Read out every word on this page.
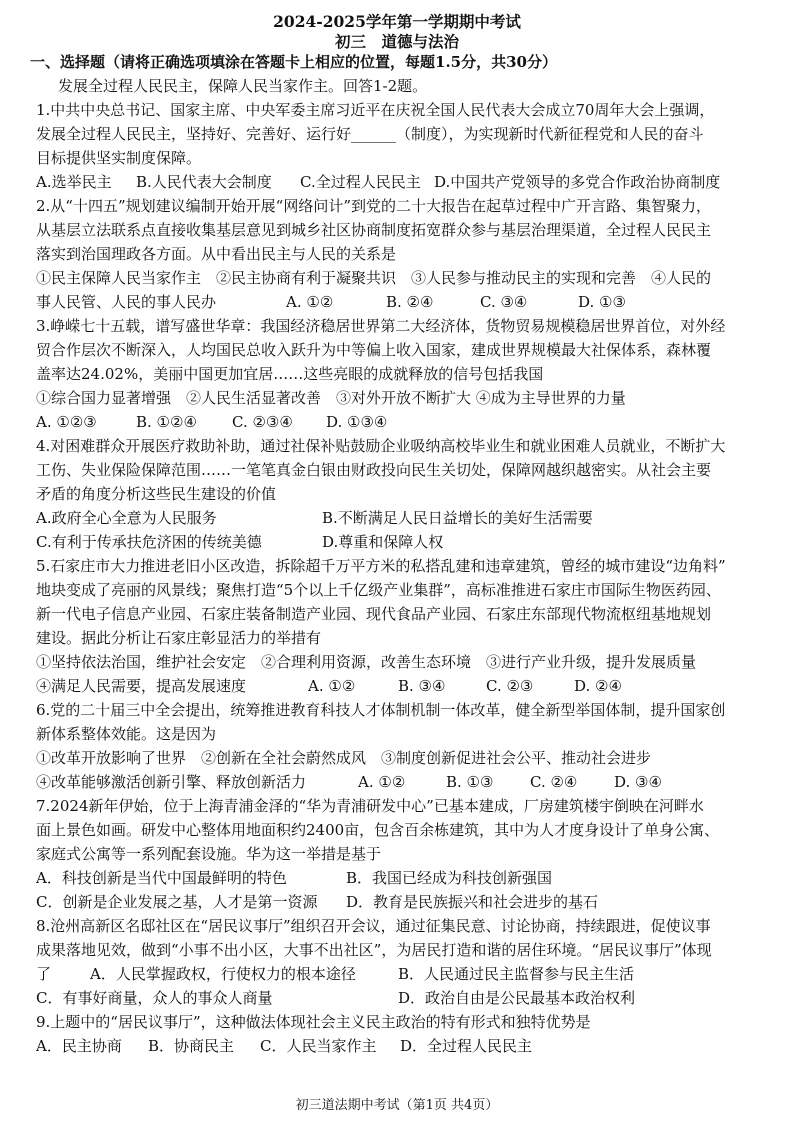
2024-2025学年第一学期期中考试
初三　道德与法治
一、选择题（请将正确选项填涂在答题卡上相应的位置，每题1.5分，共30分）
发展全过程人民民主，保障人民当家作主。回答1-2题。
1.中共中央总书记、国家主席、中央军委主席习近平在庆祝全国人民代表大会成立70周年大会上强调，
发展全过程人民民主，坚持好、完善好、运行好______（制度），为实现新时代新征程党和人民的奋斗
目标提供坚实制度保障。
A.选举民主 B.人民代表大会制度 C.全过程人民民主 D.中国共产党领导的多党合作政治协商制度
2.从“十四五”规划建议编制开始开展“网络问计”到党的二十大报告在起草过程中广开言路、集智聚力，
从基层立法联系点直接收集基层意见到城乡社区协商制度拓宽群众参与基层治理渠道，全过程人民民主
落实到治国理政各方面。从中看出民主与人民的关系是
①民主保障人民当家作主　②民主协商有利于凝聚共识　③人民参与推动民主的实现和完善　④人民的
事人民管、人民的事人民办	A. ①②	B. ②④	C. ③④	D. ①③
3.峥嵘七十五载，谱写盛世华章：我国经济稳居世界第二大经济体，货物贸易规模稳居世界首位，对外经
贸合作层次不断深入，人均国民总收入跃升为中等偏上收入国家，建成世界规模最大社保体系，森林覆
盖率达24.02%，美丽中国更加宜居……这些亮眼的成就释放的信号包括我国
①综合国力显著增强　②人民生活显著改善　③对外开放不断扩大 ④成为主导世界的力量
A. ①②③	B. ①②④ C. ②③④ D. ①③④
4.对困难群众开展医疗救助补助，通过社保补贴鼓励企业吸纳高校毕业生和就业困难人员就业，不断扩大
工伤、失业保险保障范围……一笔笔真金白银由财政投向民生关切处，保障网越织越密实。从社会主要
矛盾的角度分析这些民生建设的价值
A.政府全心全意为人民服务	B.不断满足人民日益增长的美好生活需要
C.有利于传承扶危济困的传统美德	D.尊重和保障人权
5.石家庄市大力推进老旧小区改造，拆除超千万平方米的私搭乱建和违章建筑，曾经的城市建设“边角料”
地块变成了亮丽的风景线；聚焦打造“5个以上千亿级产业集群”，高标准推进石家庄市国际生物医药园、
新一代电子信息产业园、石家庄装备制造产业园、现代食品产业园、石家庄东部现代物流枢纽基地规划
建设。据此分析让石家庄彰显活力的举措有
①坚持依法治国，维护社会安定　②合理利用资源，改善生态环境　③进行产业升级，提升发展质量
④满足人民需要，提高发展速度	A. ①②	B. ③④	C. ②③	D. ②④
6.党的二十届三中全会提出，统筹推进教育科技人才体制机制一体改革，健全新型举国体制，提升国家创
新体系整体效能。这是因为
①改革开放影响了世界　②创新在全社会蔚然成风　③制度创新促进社会公平、推动社会进步
④改革能够激活创新引擎、释放创新活力	A. ①②	B. ①③ C. ②④ D. ③④
7.2024新年伊始，位于上海青浦金泽的“华为青浦研发中心”已基本建成，厂房建筑楼宇倒映在河畔水
面上景色如画。研发中心整体用地面积约2400亩，包含百余栋建筑，其中为人才度身设计了单身公寓、
家庭式公寓等一系列配套设施。华为这一举措是基于
A．科技创新是当代中国最鲜明的特色	B．我国已经成为科技创新强国
C．创新是企业发展之基，人才是第一资源 D．教育是民族振兴和社会进步的基石
8.沧州高新区名邸社区在“居民议事厅”组织召开会议，通过征集民意、讨论协商，持续跟进，促使议事
成果落地见效，做到“小事不出小区，大事不出社区”，为居民打造和谐的居住环境。“居民议事厅”体现
了	A．人民掌握政权，行使权力的根本途径	B．人民通过民主监督参与民主生活
C．有事好商量，众人的事众人商量	D．政治自由是公民最基本政治权利
9.上题中的“居民议事厅”，这种做法体现社会主义民主政治的特有形式和独特优势是
A．民主协商 B．协商民主 C．人民当家作主 D．全过程人民民主
初三道法期中考试（第1页 共4页）
